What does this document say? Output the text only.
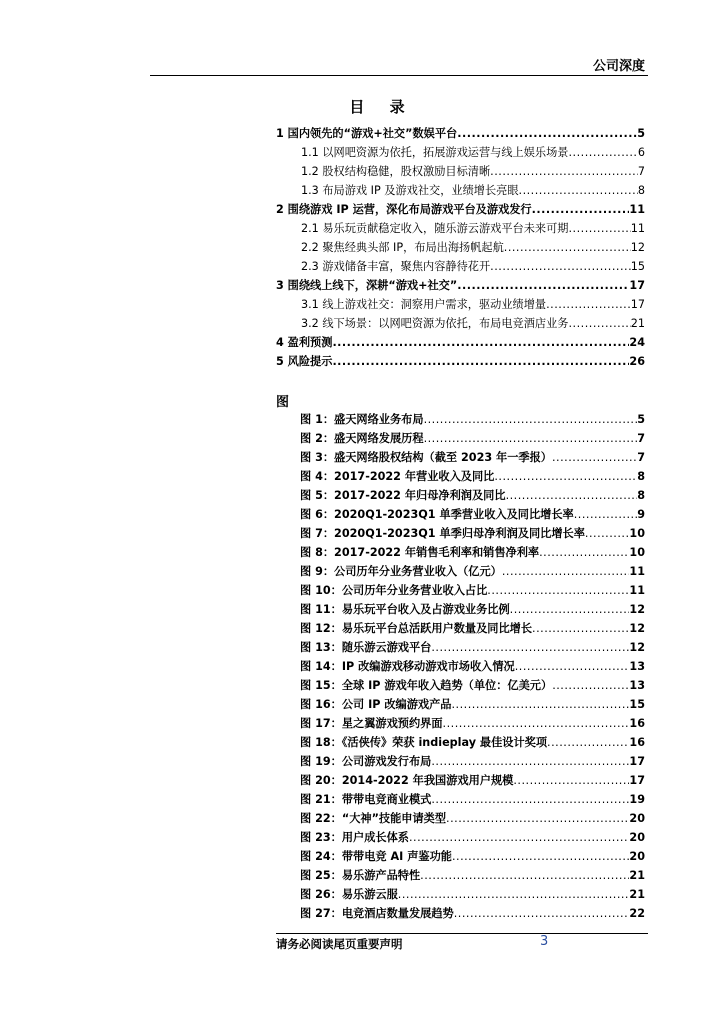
公司深度
目 录
1 国内领先的“游戏+社交”数娱平台 .....	5
1.1 以网吧资源为依托，拓展游戏运营与线上娱乐场景 .....	6
1.2 股权结构稳健，股权激励目标清晰 .....	7
1.3 布局游戏 IP 及游戏社交，业绩增长亮眼 .....	8
2 围绕游戏 IP 运营，深化布局游戏平台及游戏发行 .....	11
2.1 易乐玩贡献稳定收入，随乐游云游戏平台未来可期 .....	11
2.2 聚焦经典头部 IP，布局出海扬帆起航 .....	12
2.3 游戏储备丰富，聚焦内容静待花开 .....	15
3 围绕线上线下，深耕“游戏+社交” .....	17
3.1 线上游戏社交：洞察用户需求，驱动业绩增量 .....	17
3.2 线下场景：以网吧资源为依托，布局电竞酒店业务 .....	21
4 盈利预测 .....	24
5 风险提示 .....	26
图
图 1：盛天网络业务布局 .....	5
图 2：盛天网络发展历程 .....	7
图 3：盛天网络股权结构（截至 2023 年一季报） .....	7
图 4：2017-2022 年营业收入及同比 .....	8
图 5：2017-2022 年归母净利润及同比 .....	8
图 6：2020Q1-2023Q1 单季营业收入及同比增长率 .....	9
图 7：2020Q1-2023Q1 单季归母净利润及同比增长率 .....	10
图 8：2017-2022 年销售毛利率和销售净利率 .....	10
图 9：公司历年分业务营业收入（亿元） .....	11
图 10：公司历年分业务营业收入占比 .....	11
图 11：易乐玩平台收入及占游戏业务比例 .....	12
图 12：易乐玩平台总活跃用户数量及同比增长 .....	12
图 13：随乐游云游戏平台 .....	12
图 14：IP 改编游戏移动游戏市场收入情况 .....	13
图 15：全球 IP 游戏年收入趋势（单位：亿美元） .....	13
图 16：公司 IP 改编游戏产品 .....	15
图 17：星之翼游戏预约界面 .....	16
图 18：《活侠传》荣获 indieplay 最佳设计奖项 .....	16
图 19：公司游戏发行布局 .....	17
图 20：2014-2022 年我国游戏用户规模 .....	17
图 21：带带电竞商业模式 .....	19
图 22：“大神”技能申请类型 .....	20
图 23：用户成长体系 .....	20
图 24：带带电竞 AI 声鉴功能 .....	20
图 25：易乐游产品特性 .....	21
图 26：易乐游云服 .....	21
图 27：电竞酒店数量发展趋势 .....	22
请务必阅读尾页重要声明	3
